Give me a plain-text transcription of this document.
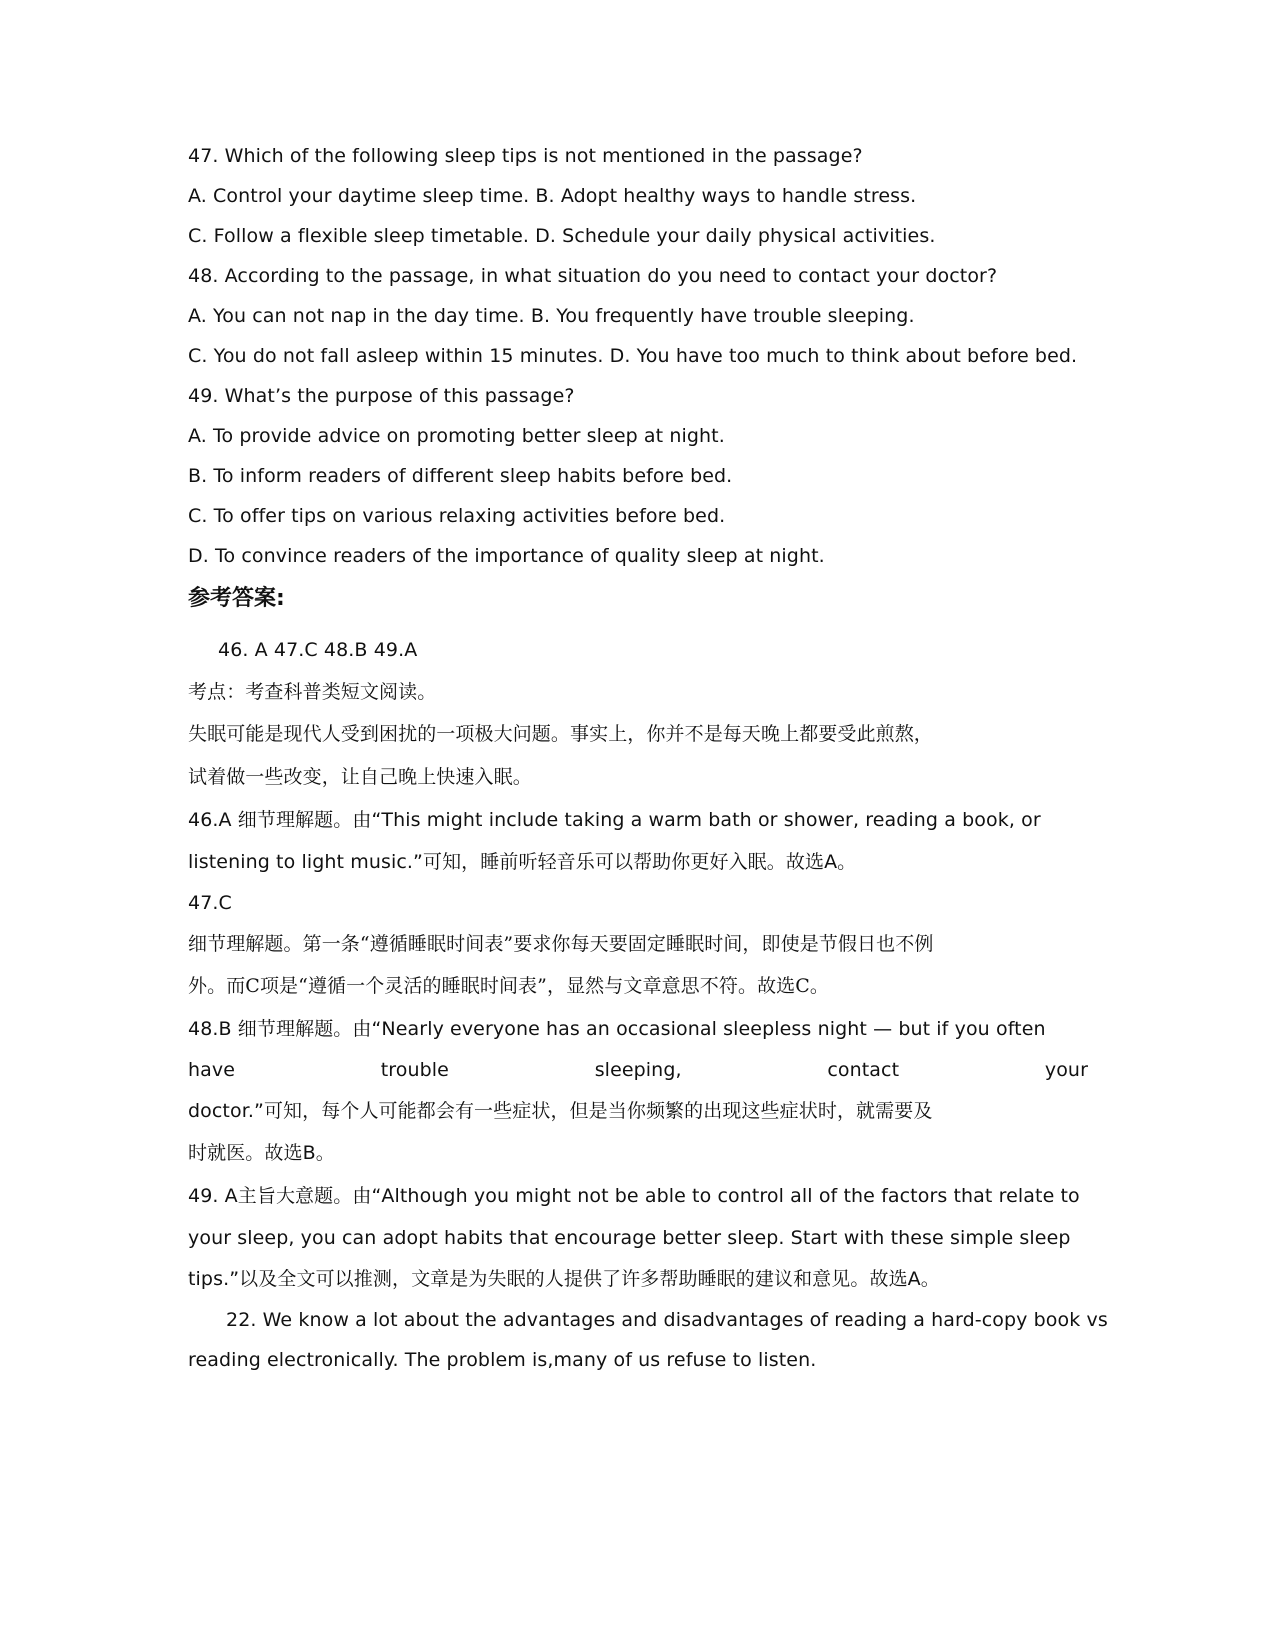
47. Which of the following sleep tips is not mentioned in the passage?
A. Control your daytime sleep time. B. Adopt healthy ways to handle stress.
C. Follow a flexible sleep timetable. D. Schedule your daily physical activities.
48. According to the passage, in what situation do you need to contact your doctor?
A. You can not nap in the day time. B. You frequently have trouble sleeping.
C. You do not fall asleep within 15 minutes. D. You have too much to think about before bed.
49. What’s the purpose of this passage?
A. To provide advice on promoting better sleep at night.
B. To inform readers of different sleep habits before bed.
C. To offer tips on various relaxing activities before bed.
D. To convince readers of the importance of quality sleep at night.
参考答案:
46. A 47.C 48.B 49.A
考点：考查科普类短文阅读。
失眠可能是现代人受到困扰的一项极大问题。事实上，你并不是每天晚上都要受此煎熬，
试着做一些改变，让自己晚上快速入眠。
46.A 细节理解题。由“This might include taking a warm bath or shower, reading a book, or
listening to light music.”可知，睡前听轻音乐可以帮助你更好入眠。故选A。
47.C
细节理解题。第一条“遵循睡眠时间表”要求你每天要固定睡眠时间，即使是节假日也不例
外。而C项是“遵循一个灵活的睡眠时间表”，显然与文章意思不符。故选C。
48.B 细节理解题。由“Nearly everyone has an occasional sleepless night — but if you often
have	trouble	sleeping,	contact	your
doctor.”可知，每个人可能都会有一些症状，但是当你频繁的出现这些症状时，就需要及
时就医。故选B。
49. A主旨大意题。由“Although you might not be able to control all of the factors that relate to
your sleep, you can adopt habits that encourage better sleep. Start with these simple sleep
tips.”以及全文可以推测，文章是为失眠的人提供了许多帮助睡眠的建议和意见。故选A。
22. We know a lot about the advantages and disadvantages of reading a hard-copy book vs
reading electronically. The problem is,many of us refuse to listen.
